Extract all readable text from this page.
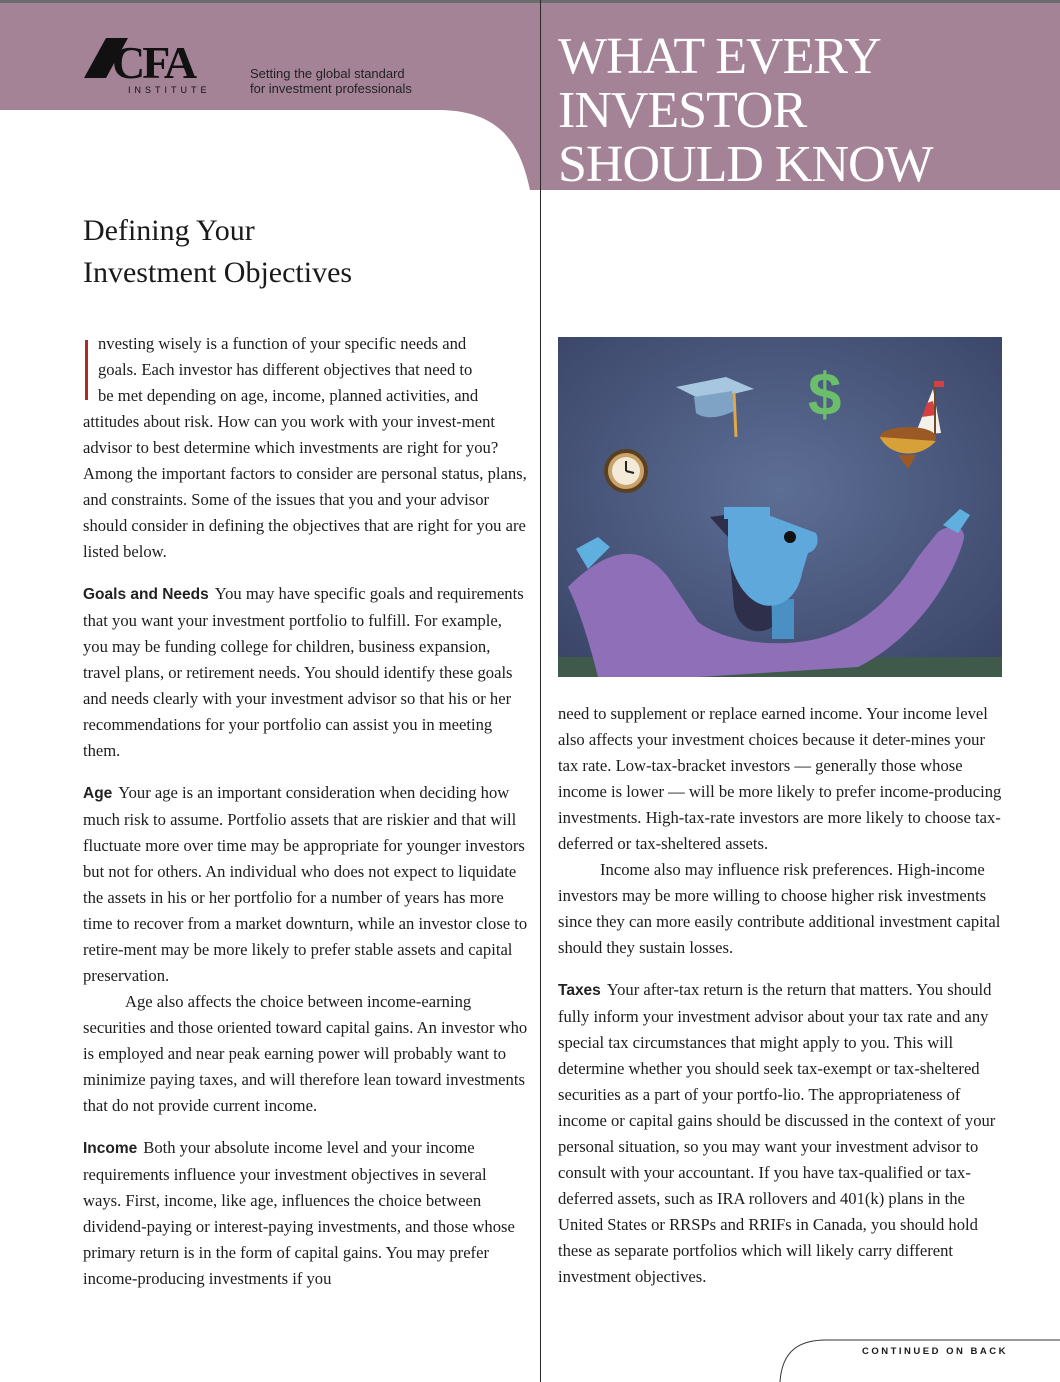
CFA
INSTITUTE
Setting the global standard
for investment professionals
WHAT EVERY
INVESTOR
SHOULD KNOW
Defining Your
Investment Objectives

nvesting wisely is a function of your specific needs and

goals. Each investor has different objectives that need to

be met depending on age, income, planned activities, and

attitudes about risk. How can you work with your invest-ment advisor to best determine which investments are right for you? Among the important factors to consider are personal status, plans, and constraints. Some of the issues that you and your advisor should consider in defining the objectives that are right for you are listed below.

Goals and Needs You may have specific goals and requirements that you want your investment portfolio to fulfill. For example, you may be funding college for children, business expansion, travel plans, or retirement needs. You should identify these goals and needs clearly with your investment advisor so that his or her recommendations for your portfolio can assist you in meeting them.

Age Your age is an important consideration when deciding how much risk to assume. Portfolio assets that are riskier and that will fluctuate more over time may be appropriate for younger investors but not for others. An individual who does not expect to liquidate the assets in his or her portfolio for a number of years has more time to recover from a market downturn, while an investor close to retire-ment may be more likely to prefer stable assets and capital preservation.

Age also affects the choice between income-earning securities and those oriented toward capital gains. An investor who is employed and near peak earning power will probably want to minimize paying taxes, and will therefore lean toward investments that do not provide current income.

Income Both your absolute income level and your income requirements influence your investment objectives in several ways. First, income, like age, influences the choice between dividend-paying or interest-paying investments, and those whose primary return is in the form of capital gains. You may prefer income-producing investments if you

$

need to supplement or replace earned income. Your income level also affects your investment choices because it deter-mines your tax rate. Low-tax-bracket investors — generally those whose income is lower — will be more likely to prefer income-producing investments. High-tax-rate investors are more likely to choose tax-deferred or tax-sheltered assets.

Income also may influence risk preferences. High-income investors may be more willing to choose higher risk investments since they can more easily contribute additional investment capital should they sustain losses.

Taxes Your after-tax return is the return that matters. You should fully inform your investment advisor about your tax rate and any special tax circumstances that might apply to you. This will determine whether you should seek tax-exempt or tax-sheltered securities as a part of your portfo-lio. The appropriateness of income or capital gains should be discussed in the context of your personal situation, so you may want your investment advisor to consult with your accountant. If you have tax-qualified or tax-deferred assets, such as IRA rollovers and 401(k) plans in the United States or RRSPs and RRIFs in Canada, you should hold these as separate portfolios which will likely carry different investment objectives.

CONTINUED ON BACK
